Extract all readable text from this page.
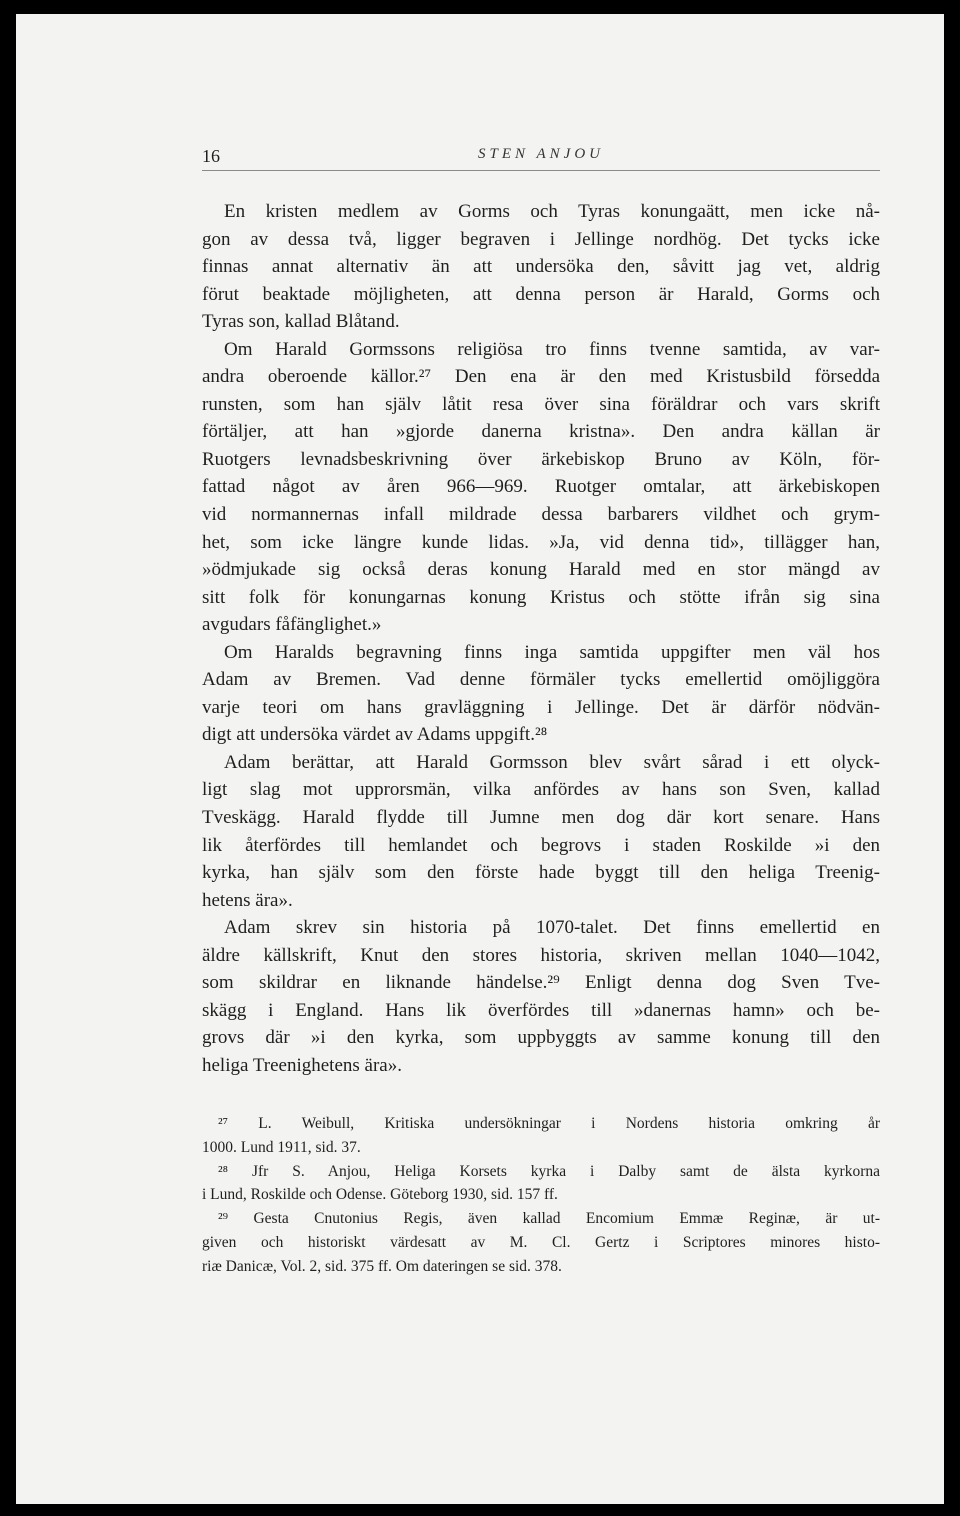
16	STEN ANJOU
En kristen medlem av Gorms och Tyras konungaätt, men icke nå-
gon av dessa två, ligger begraven i Jellinge nordhög. Det tycks icke
finnas annat alternativ än att undersöka den, såvitt jag vet, aldrig
förut beaktade möjligheten, att denna person är Harald, Gorms och
Tyras son, kallad Blåtand.
Om Harald Gormssons religiösa tro finns tvenne samtida, av var-
andra oberoende källor.²⁷ Den ena är den med Kristusbild försedda
runsten, som han själv låtit resa över sina föräldrar och vars skrift
förtäljer, att han »gjorde danerna kristna». Den andra källan är
Ruotgers levnadsbeskrivning över ärkebiskop Bruno av Köln, för-
fattad något av åren 966—969. Ruotger omtalar, att ärkebiskopen
vid normannernas infall mildrade dessa barbarers vildhet och grym-
het, som icke längre kunde lidas. »Ja, vid denna tid», tillägger han,
»ödmjukade sig också deras konung Harald med en stor mängd av
sitt folk för konungarnas konung Kristus och stötte ifrån sig sina
avgudars fåfänglighet.»
Om Haralds begravning finns inga samtida uppgifter men väl hos
Adam av Bremen. Vad denne förmäler tycks emellertid omöjliggöra
varje teori om hans gravläggning i Jellinge. Det är därför nödvän-
digt att undersöka värdet av Adams uppgift.²⁸
Adam berättar, att Harald Gormsson blev svårt sårad i ett olyck-
ligt slag mot upprorsmän, vilka anfördes av hans son Sven, kallad
Tveskägg. Harald flydde till Jumne men dog där kort senare. Hans
lik återfördes till hemlandet och begrovs i staden Roskilde »i den
kyrka, han själv som den förste hade byggt till den heliga Treenig-
hetens ära».
Adam skrev sin historia på 1070-talet. Det finns emellertid en
äldre källskrift, Knut den stores historia, skriven mellan 1040—1042,
som skildrar en liknande händelse.²⁹ Enligt denna dog Sven Tve-
skägg i England. Hans lik överfördes till »danernas hamn» och be-
grovs där »i den kyrka, som uppbyggts av samme konung till den
heliga Treenighetens ära».
²⁷ L. Weibull, Kritiska undersökningar i Nordens historia omkring år
1000. Lund 1911, sid. 37.
²⁸ Jfr S. Anjou, Heliga Korsets kyrka i Dalby samt de älsta kyrkorna
i Lund, Roskilde och Odense. Göteborg 1930, sid. 157 ff.
²⁹ Gesta Cnutonius Regis, även kallad Encomium Emmæ Reginæ, är ut-
given och historiskt värdesatt av M. Cl. Gertz i Scriptores minores histo-
riæ Danicæ, Vol. 2, sid. 375 ff. Om dateringen se sid. 378.
